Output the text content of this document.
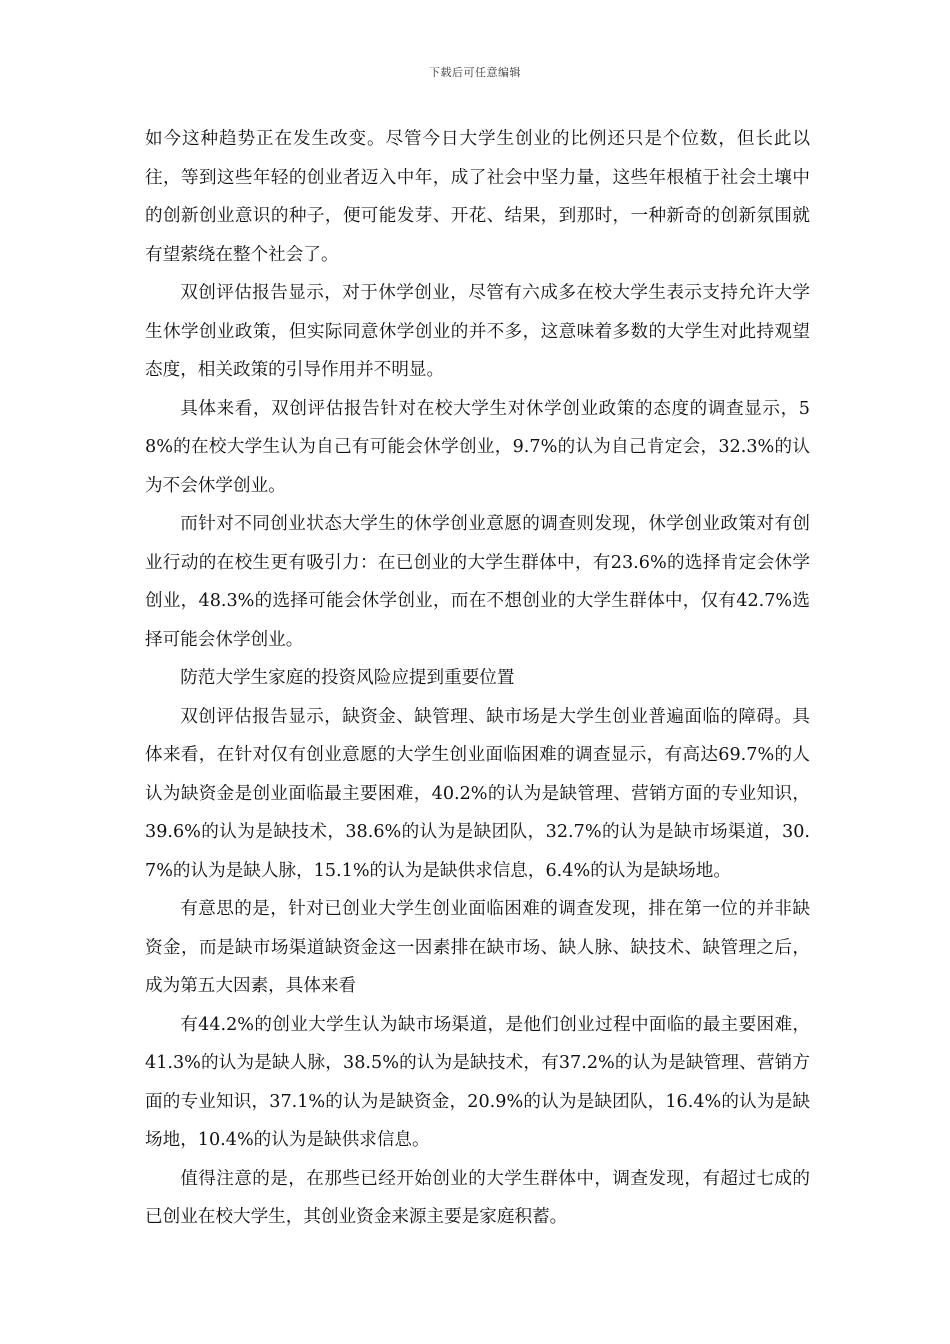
下载后可任意编辑

如今这种趋势正在发生改变。尽管今日大学生创业的比例还只是个位数，但长此以往，等到这些年轻的创业者迈入中年，成了社会中坚力量，这些年根植于社会土壤中的创新创业意识的种子，便可能发芽、开花、结果，到那时，一种新奇的创新氛围就有望萦绕在整个社会了。

双创评估报告显示，对于休学创业，尽管有六成多在校大学生表示支持允许大学生休学创业政策，但实际同意休学创业的并不多，这意味着多数的大学生对此持观望态度，相关政策的引导作用并不明显。

具体来看，双创评估报告针对在校大学生对休学创业政策的态度的调查显示，58%的在校大学生认为自己有可能会休学创业，9.7%的认为自己肯定会，32.3%的认为不会休学创业。

而针对不同创业状态大学生的休学创业意愿的调查则发现，休学创业政策对有创业行动的在校生更有吸引力：在已创业的大学生群体中，有23.6%的选择肯定会休学创业，48.3%的选择可能会休学创业，而在不想创业的大学生群体中，仅有42.7%选择可能会休学创业。

防范大学生家庭的投资风险应提到重要位置

双创评估报告显示，缺资金、缺管理、缺市场是大学生创业普遍面临的障碍。具体来看，在针对仅有创业意愿的大学生创业面临困难的调查显示，有高达69.7%的人认为缺资金是创业面临最主要困难，40.2%的认为是缺管理、营销方面的专业知识，39.6%的认为是缺技术，38.6%的认为是缺团队，32.7%的认为是缺市场渠道，30.7%的认为是缺人脉，15.1%的认为是缺供求信息，6.4%的认为是缺场地。

有意思的是，针对已创业大学生创业面临困难的调查发现，排在第一位的并非缺资金，而是缺市场渠道缺资金这一因素排在缺市场、缺人脉、缺技术、缺管理之后，成为第五大因素，具体来看

有44.2%的创业大学生认为缺市场渠道，是他们创业过程中面临的最主要困难，41.3%的认为是缺人脉，38.5%的认为是缺技术，有37.2%的认为是缺管理、营销方面的专业知识，37.1%的认为是缺资金，20.9%的认为是缺团队，16.4%的认为是缺场地，10.4%的认为是缺供求信息。

值得注意的是，在那些已经开始创业的大学生群体中，调查发现，有超过七成的已创业在校大学生，其创业资金来源主要是家庭积蓄。
